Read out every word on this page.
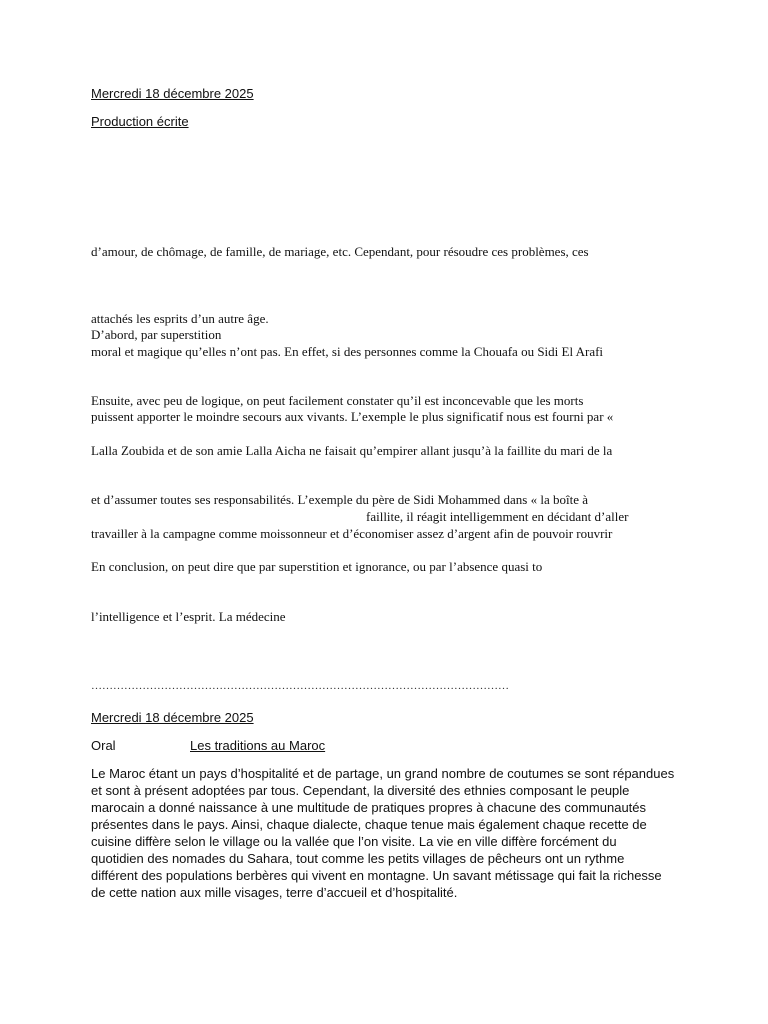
Mercredi 18 décembre 2025
Production écrite
d’amour, de chômage, de famille, de mariage, etc. Cependant, pour résoudre ces problèmes, ces
attachés les esprits d’un autre âge.
D’abord, par superstition
moral et magique qu’elles n’ont pas. En effet, si des personnes comme la Chouafa ou Sidi El Arafi
Ensuite, avec peu de logique, on peut facilement constater qu’il est inconcevable que les morts
puissent apporter le moindre secours aux vivants. L’exemple le plus significatif nous est fourni par «
Lalla Zoubida et de son amie Lalla Aicha ne faisait qu’empirer allant jusqu’à la faillite du mari de la
et d’assumer toutes ses responsabilités. L’exemple du père de Sidi Mohammed dans « la boîte à
faillite, il réagit intelligemment en décidant d’aller
travailler à la campagne comme moissonneur et d’économiser assez d’argent afin de pouvoir rouvrir
En conclusion, on peut dire que par superstition et ignorance, ou par l’absence quasi to
l’intelligence et l’esprit. La médecine
……………………………………………………………………………………………………
Mercredi 18 décembre 2025
Oral	Les traditions au Maroc
Le Maroc étant un pays d’hospitalité et de partage, un grand nombre de coutumes se sont répandues
et sont à présent adoptées par tous. Cependant, la diversité des ethnies composant le peuple
marocain a donné naissance à une multitude de pratiques propres à chacune des communautés
présentes dans le pays. Ainsi, chaque dialecte, chaque tenue mais également chaque recette de
cuisine diffère selon le village ou la vallée que l’on visite. La vie en ville diffère forcément du
quotidien des nomades du Sahara, tout comme les petits villages de pêcheurs ont un rythme
différent des populations berbères qui vivent en montagne. Un savant métissage qui fait la richesse
de cette nation aux mille visages, terre d’accueil et d’hospitalité.
